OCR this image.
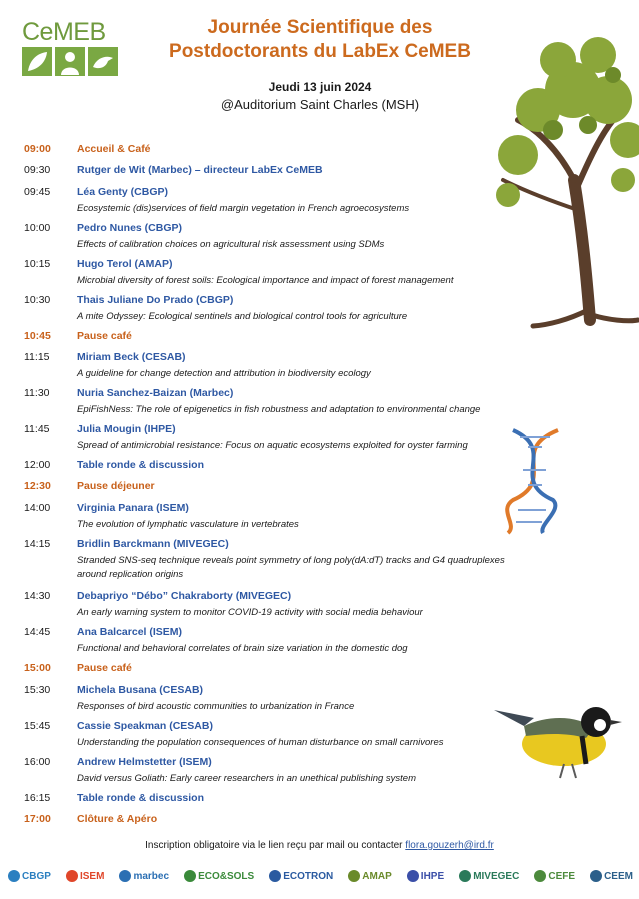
CeMEB	Journée Scientifique des
Postdoctorants du LabEx CeMEB
Jeudi 13 juin 2024
@Auditorium Saint Charles (MSH)
09:00 Accueil & Café
09:30	Rutger de Wit (Marbec) – directeur LabEx CeMEB
09:45	Léa Genty (CBGP)
Ecosystemic (dis)services of field margin vegetation in French agroecosystems
10:00	Pedro Nunes (CBGP)
Effects of calibration choices on agricultural risk assessment using SDMs
10:15	Hugo Terol (AMAP)
Microbial diversity of forest soils: Ecological importance and impact of forest management
10:30	Thais Juliane Do Prado (CBGP)
A mite Odyssey: Ecological sentinels and biological control tools for agriculture
10:45 Pause café
11:15	Miriam Beck (CESAB)
A guideline for change detection and attribution in biodiversity ecology
11:30	Nuria Sanchez-Baizan (Marbec)
EpiFishNess: The role of epigenetics in fish robustness and adaptation to environmental change
11:45	Julia Mougin (IHPE)
Spread of antimicrobial resistance: Focus on aquatic ecosystems exploited for oyster farming
12:00	Table ronde & discussion
12:30 Pause déjeuner
14:00	Virginia Panara (ISEM)
The evolution of lymphatic vasculature in vertebrates
14:15	Bridlin Barckmann (MIVEGEC)
Stranded SNS-seq technique reveals point symmetry of long poly(dA:dT) tracks and G4 quadruplexes around replication origins
14:30	Debapriyo “Débo” Chakraborty (MIVEGEC)
An early warning system to monitor COVID-19 activity with social media behaviour
14:45	Ana Balcarcel (ISEM)
Functional and behavioral correlates of brain size variation in the domestic dog
15:00 Pause café
15:30	Michela Busana (CESAB)
Responses of bird acoustic communities to urbanization in France
15:45	Cassie Speakman (CESAB)
Understanding the population consequences of human disturbance on small carnivores
16:00	Andrew Helmstetter (ISEM)
David versus Goliath: Early career researchers in an unethical publishing system
16:15	Table ronde & discussion
17:00 Clôture & Apéro
Inscription obligatoire via le lien reçu par mail ou contacter flora.gouzerh@ird.fr
CBGP	ISEM	marbec	ECO&SOLS	ECOTRON	AMAP	IHPE	MIVEGEC	CEFE	CEEM
